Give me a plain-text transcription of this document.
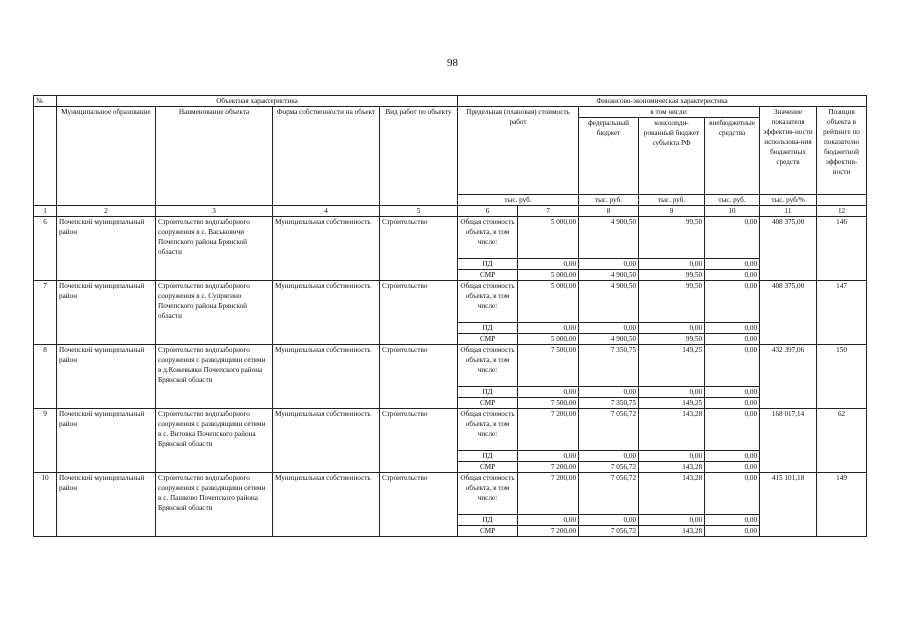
98
№	Объектная характеристика				Финансово-экономическая характеристика						
	Муниципальное образование	Наименование объекта	Форма собственности на объект	Вид работ по объекту	Предельная (плановая) стоимость работ		в том числе:			Значение показателя эффектив-ности использова-ния бюджетных средств	Позиция объекта в рейтинге по показателю бюджетной эффектив-ности
							федеральный бюджет	консолиди-рованный бюджет субъекта РФ	внебюджетные средства		
					тыс. руб.		тыс. руб.	тыс. руб.	тыс. руб.	тыс. руб/%	
1	2	3	4	5	6	7	8	9	10	11	12
6	Почепский муниципальный район	Строительство водозаборного сооружения в с. Васьковичи Почепского района Брянской области	Муниципальная собственность	Строительство	Общая стоимость объекта, в том числе:	5 000,00	4 900,50	99,50	0,00	408 375,00	146
					ПД	0,00	0,00	0,00	0,00		
					СМР	5 000,00	4 900,50	99,50	0,00		
7	Почепский муниципальный район	Строительство водозаборного сооружения в с. Супрягино Почепского района Брянской области	Муниципальная собственность	Строительство	Общая стоимость объекта, в том числе:	5 000,00	4 900,50	99,50	0,00	408 375,00	147
					ПД	0,00	0,00	0,00	0,00		
					СМР	5 000,00	4 900,50	99,50	0,00		
8	Почепский муниципальный район	Строительство водозаборного сооружения с разводящими сетями в д.Кожевьяки Почепского района Брянской области	Муниципальная собственность	Строительство	Общая стоимость объекта, в том числе:	7 500,00	7 350,75	149,25	0,00	432 397,06	150
					ПД	0,00	0,00	0,00	0,00		
					СМР	7 500,00	7 350,75	149,25	0,00		
9	Почепский муниципальный район	Строительство водозаборного сооружения с разводящими сетями в с. Витовка Почепского района Брянской области	Муниципальная собственность	Строительство	Общая стоимость объекта, в том числе:	7 200,00	7 056,72	143,28	0,00	168 017,14	62
					ПД	0,00	0,00	0,00	0,00		
					СМР	7 200,00	7 056,72	143,28	0,00		
10	Почепский муниципальный район	Строительство водозаборного сооружения с разводящими сетями в с. Пашково Почепского района Брянской области	Муниципальная собственность	Строительство	Общая стоимость объекта, в том числе:	7 200,00	7 056,72	143,28	0,00	415 101,18	149
					ПД	0,00	0,00	0,00	0,00		
					СМР	7 200,00	7 056,72	143,28	0,00		
